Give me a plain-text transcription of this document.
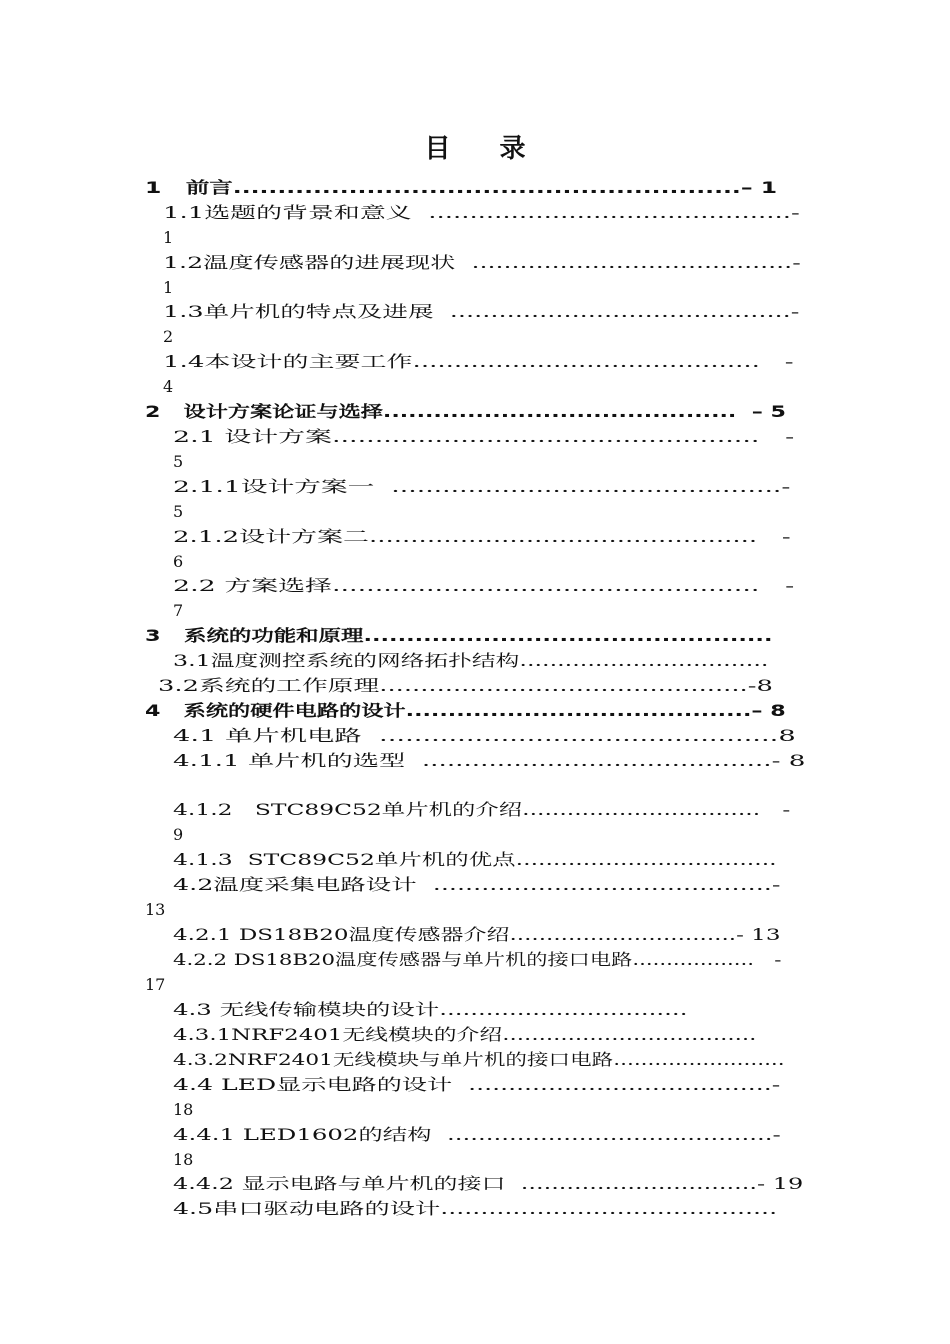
目 录
1   前言.........................................................– 1
1.1选题的背景和意义  ............................................-
1
1.2温度传感器的进展现状  ........................................-
1
1.3单片机的特点及进展  ..........................................-
2
1.4本设计的主要工作..........................................   -
4
2   设计方案论证与选择..........................................  – 5
2.1 设计方案..................................................   -
5
2.1.1设计方案一  ..............................................-
5
2.1.2设计方案二...............................................   -
6
2.2 方案选择..................................................   -
7
3   系统的功能和原理................................................
3.1温度测控系统的网络拓扑结构.................................
3.2系统的工作原理.............................................-8
4   系统的硬件电路的设计.........................................– 8
4.1 单片机电路  ..............................................8
4.1.1 单片机的选型  ..........................................- 8
4.1.2   STC89C52单片机的介绍................................   -
9
4.1.3  STC89C52单片机的优点...................................
4.2温度采集电路设计  ..........................................-
13
4.2.1 DS18B20温度传感器介绍...............................- 13
4.2.2 DS18B20温度传感器与单片机的接口电路..................   -
17
4.3 无线传输模块的设计................................
4.3.1NRF2401无线模块的介绍...................................
4.3.2NRF2401无线模块与单片机的接口电路.........................
4.4 LED显示电路的设计  ......................................-
18
4.4.1 LED1602的结构  ..........................................-
18
4.4.2 显示电路与单片机的接口  ...............................- 19
4.5串口驱动电路的设计..........................................
